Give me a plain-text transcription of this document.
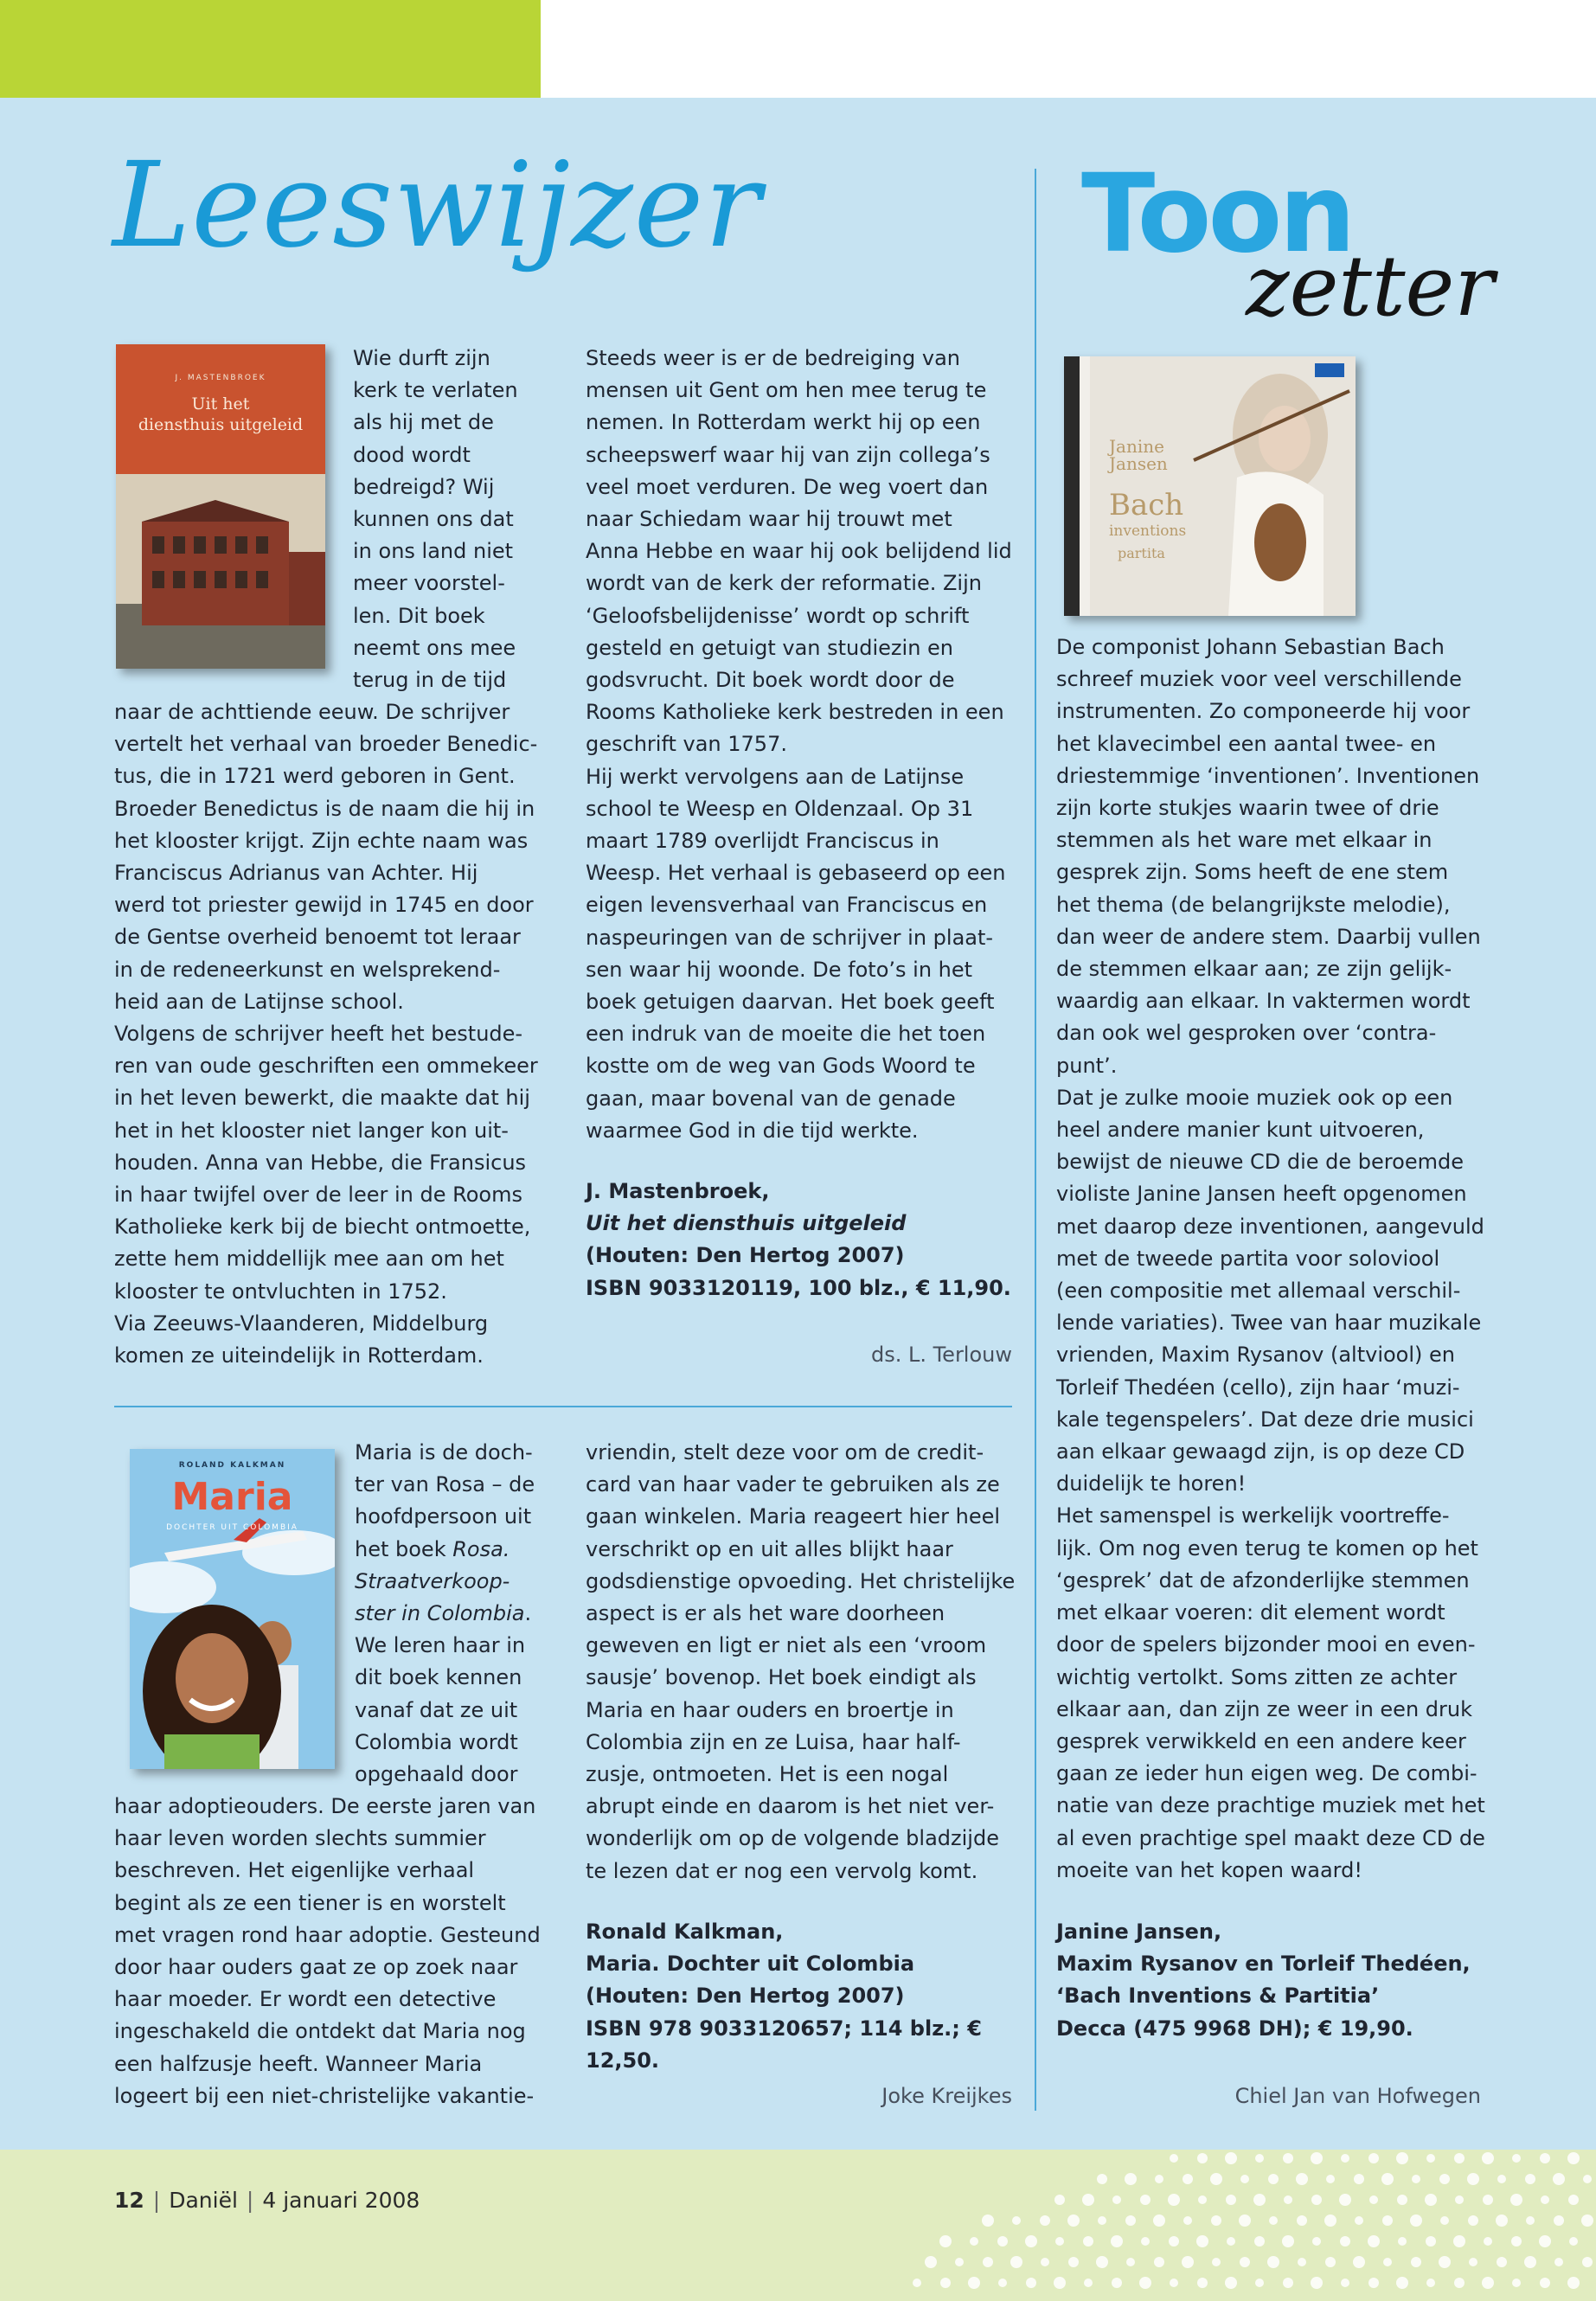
Leeswijzer	Toon
zetter
J. MASTENBROEK
Uit het
diensthuis uitgeleid
Wie durft zijn
kerk te verlaten
als hij met de
dood wordt
bedreigd? Wij
kunnen ons dat
in ons land niet
meer voorstel-
len. Dit boek
neemt ons mee
terug in de tijd
naar de achttiende eeuw. De schrijver
vertelt het verhaal van broeder Benedic-
tus, die in 1721 werd geboren in Gent.
Broeder Benedictus is de naam die hij in
het klooster krijgt. Zijn echte naam was
Franciscus Adrianus van Achter. Hij
werd tot priester gewijd in 1745 en door
de Gentse overheid benoemt tot leraar
in de redeneerkunst en welsprekend-
heid aan de Latijnse school.
Volgens de schrijver heeft het bestude-
ren van oude geschriften een ommekeer
in het leven bewerkt, die maakte dat hij
het in het klooster niet langer kon uit-
houden. Anna van Hebbe, die Fransicus
in haar twijfel over de leer in de Rooms
Katholieke kerk bij de biecht ontmoette,
zette hem middellijk mee aan om het
klooster te ontvluchten in 1752.
Via Zeeuws-Vlaanderen, Middelburg
komen ze uiteindelijk in Rotterdam.
Steeds weer is er de bedreiging van
mensen uit Gent om hen mee terug te
nemen. In Rotterdam werkt hij op een
scheepswerf waar hij van zijn collega’s
veel moet verduren. De weg voert dan
naar Schiedam waar hij trouwt met
Anna Hebbe en waar hij ook belijdend lid
wordt van de kerk der reformatie. Zijn
‘Geloofsbelijdenisse’ wordt op schrift
gesteld en getuigt van studiezin en
godsvrucht. Dit boek wordt door de
Rooms Katholieke kerk bestreden in een
geschrift van 1757.
Hij werkt vervolgens aan de Latijnse
school te Weesp en Oldenzaal. Op 31
maart 1789 overlijdt Franciscus in
Weesp. Het verhaal is gebaseerd op een
eigen levensverhaal van Franciscus en
naspeuringen van de schrijver in plaat-
sen waar hij woonde. De foto’s in het
boek getuigen daarvan. Het boek geeft
een indruk van de moeite die het toen
kostte om de weg van Gods Woord te
gaan, maar bovenal van de genade
waarmee God in die tijd werkte.
J. Mastenbroek,
Uit het diensthuis uitgeleid
(Houten: Den Hertog 2007)
ISBN 9033120119, 100 blz., € 11,90.
ds. L. Terlouw
ROLAND KALKMAN
Maria
DOCHTER UIT COLOMBIA
Maria is de doch-
ter van Rosa – de
hoofdpersoon uit
het boek Rosa.
Straatverkoop-
ster in Colombia.
We leren haar in
dit boek kennen
vanaf dat ze uit
Colombia wordt
opgehaald door
haar adoptieouders. De eerste jaren van
haar leven worden slechts summier
beschreven. Het eigenlijke verhaal
begint als ze een tiener is en worstelt
met vragen rond haar adoptie. Gesteund
door haar ouders gaat ze op zoek naar
haar moeder. Er wordt een detective
ingeschakeld die ontdekt dat Maria nog
een halfzusje heeft. Wanneer Maria
logeert bij een niet-christelijke vakantie-
vriendin, stelt deze voor om de credit-
card van haar vader te gebruiken als ze
gaan winkelen. Maria reageert hier heel
verschrikt op en uit alles blijkt haar
godsdienstige opvoeding. Het christelijke
aspect is er als het ware doorheen
geweven en ligt er niet als een ‘vroom
sausje’ bovenop. Het boek eindigt als
Maria en haar ouders en broertje in
Colombia zijn en ze Luisa, haar half-
zusje, ontmoeten. Het is een nogal
abrupt einde en daarom is het niet ver-
wonderlijk om op de volgende bladzijde
te lezen dat er nog een vervolg komt.
Ronald Kalkman,
Maria. Dochter uit Colombia
(Houten: Den Hertog 2007)
ISBN 978 9033120657; 114 blz.; € 12,50.
Joke Kreijkes
Janine
Jansen
Bach
inventions
partita
De componist Johann Sebastian Bach
schreef muziek voor veel verschillende
instrumenten. Zo componeerde hij voor
het klavecimbel een aantal twee- en
driestemmige ‘inventionen’. Inventionen
zijn korte stukjes waarin twee of drie
stemmen als het ware met elkaar in
gesprek zijn. Soms heeft de ene stem
het thema (de belangrijkste melodie),
dan weer de andere stem. Daarbij vullen
de stemmen elkaar aan; ze zijn gelijk-
waardig aan elkaar. In vaktermen wordt
dan ook wel gesproken over ‘contra-
punt’.
Dat je zulke mooie muziek ook op een
heel andere manier kunt uitvoeren,
bewijst de nieuwe CD die de beroemde
violiste Janine Jansen heeft opgenomen
met daarop deze inventionen, aangevuld
met de tweede partita voor soloviool
(een compositie met allemaal verschil-
lende variaties). Twee van haar muzikale
vrienden, Maxim Rysanov (altviool) en
Torleif Thedéen (cello), zijn haar ‘muzi-
kale tegenspelers’. Dat deze drie musici
aan elkaar gewaagd zijn, is op deze CD
duidelijk te horen!
Het samenspel is werkelijk voortreffe-
lijk. Om nog even terug te komen op het
‘gesprek’ dat de afzonderlijke stemmen
met elkaar voeren: dit element wordt
door de spelers bijzonder mooi en even-
wichtig vertolkt. Soms zitten ze achter
elkaar aan, dan zijn ze weer in een druk
gesprek verwikkeld en een andere keer
gaan ze ieder hun eigen weg. De combi-
natie van deze prachtige muziek met het
al even prachtige spel maakt deze CD de
moeite van het kopen waard!
Janine Jansen,
Maxim Rysanov en Torleif Thedéen,
‘Bach Inventions & Partitia’
Decca (475 9968 DH); € 19,90.
Chiel Jan van Hofwegen
12 | Daniël | 4 januari 2008
